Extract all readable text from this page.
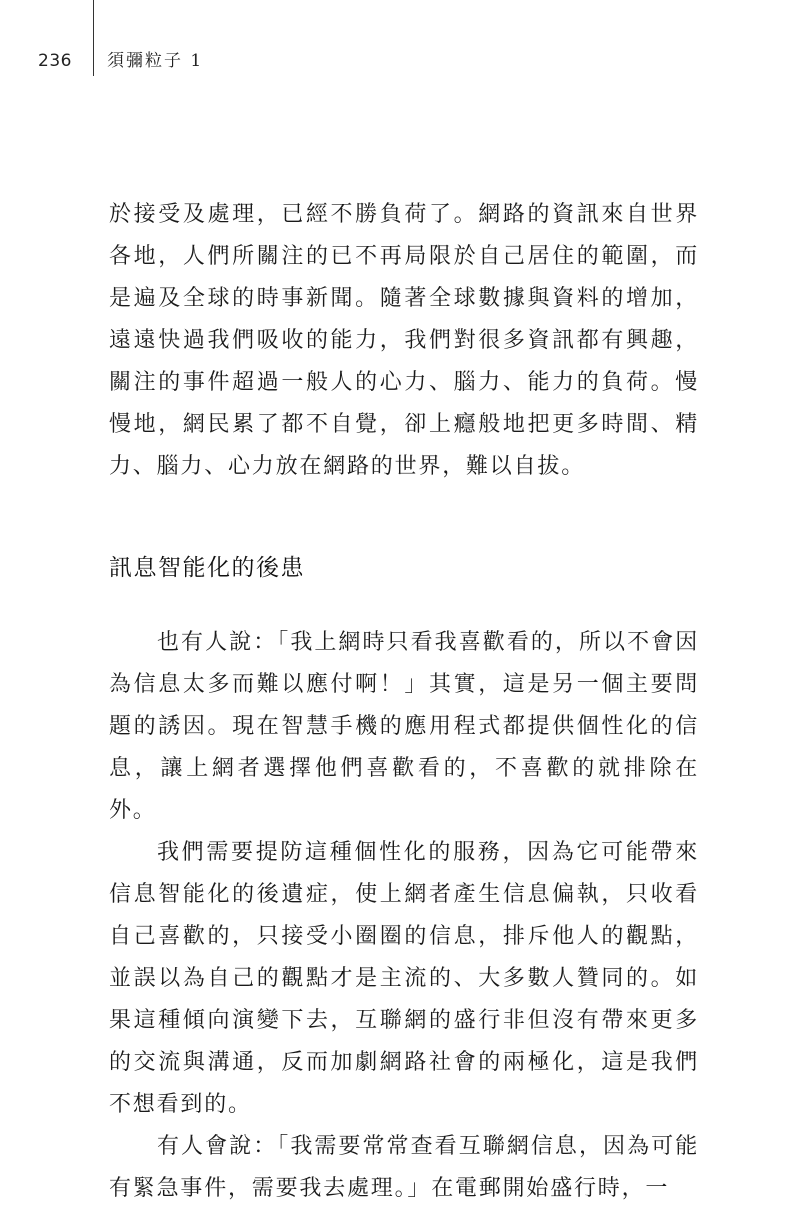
236 須彌粒子 1

於接受及處理，已經不勝負荷了。網路的資訊來自世界各地，人們所關注的已不再局限於自己居住的範圍，而是遍及全球的時事新聞。隨著全球數據與資料的增加，遠遠快過我們吸收的能力，我們對很多資訊都有興趣，關注的事件超過一般人的心力、腦力、能力的負荷。慢慢地，網民累了都不自覺，卻上癮般地把更多時間、精力、腦力、心力放在網路的世界，難以自拔。

訊息智能化的後患

也有人說：「我上網時只看我喜歡看的，所以不會因為信息太多而難以應付啊！」其實，這是另一個主要問題的誘因。現在智慧手機的應用程式都提供個性化的信息，讓上網者選擇他們喜歡看的，不喜歡的就排除在外。

我們需要提防這種個性化的服務，因為它可能帶來信息智能化的後遺症，使上網者產生信息偏執，只收看自己喜歡的，只接受小圈圈的信息，排斥他人的觀點，並誤以為自己的觀點才是主流的、大多數人贊同的。如果這種傾向演變下去，互聯網的盛行非但沒有帶來更多的交流與溝通，反而加劇網路社會的兩極化，這是我們不想看到的。

有人會說：「我需要常常查看互聯網信息，因為可能有緊急事件，需要我去處理。」在電郵開始盛行時，一
